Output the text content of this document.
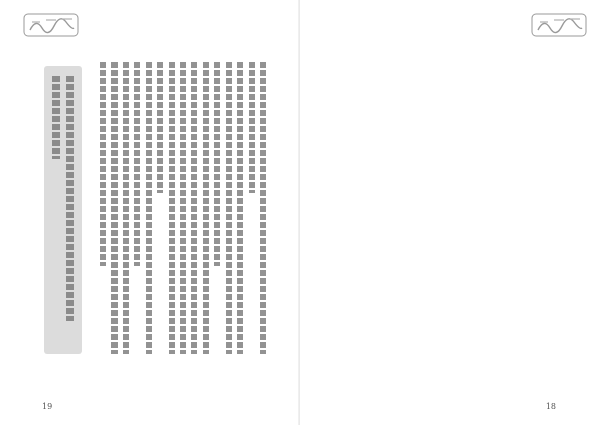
19	18
